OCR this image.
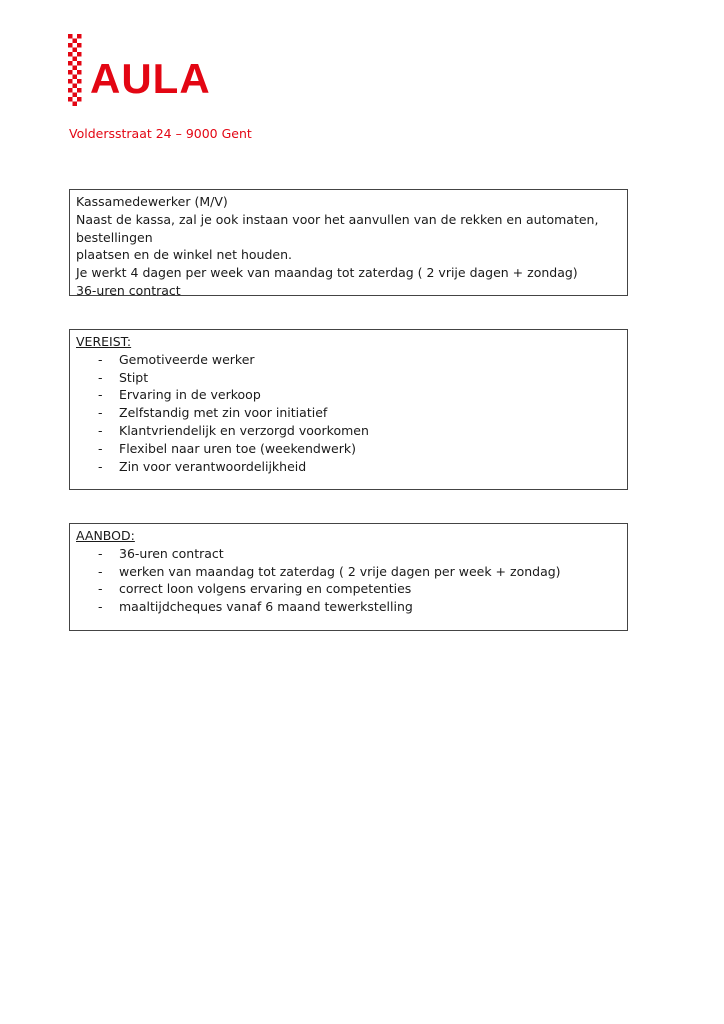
AULA
Voldersstraat 24 – 9000 Gent
Kassamedewerker (M/V)

Naast de kassa, zal je ook instaan voor het aanvullen van de rekken en automaten, bestellingen

plaatsen en de winkel net houden.

Je werkt 4 dagen per week van maandag tot zaterdag ( 2 vrije dagen + zondag)

36-uren contract

VEREIST:
- Gemotiveerde werker
- Stipt
- Ervaring in de verkoop
- Zelfstandig met zin voor initiatief
- Klantvriendelijk en verzorgd voorkomen
- Flexibel naar uren toe (weekendwerk)
- Zin voor verantwoordelijkheid
AANBOD:
- 36-uren contract
- werken van maandag tot zaterdag ( 2 vrije dagen per week + zondag)
- correct loon volgens ervaring en competenties
- maaltijdcheques vanaf 6 maand tewerkstelling
